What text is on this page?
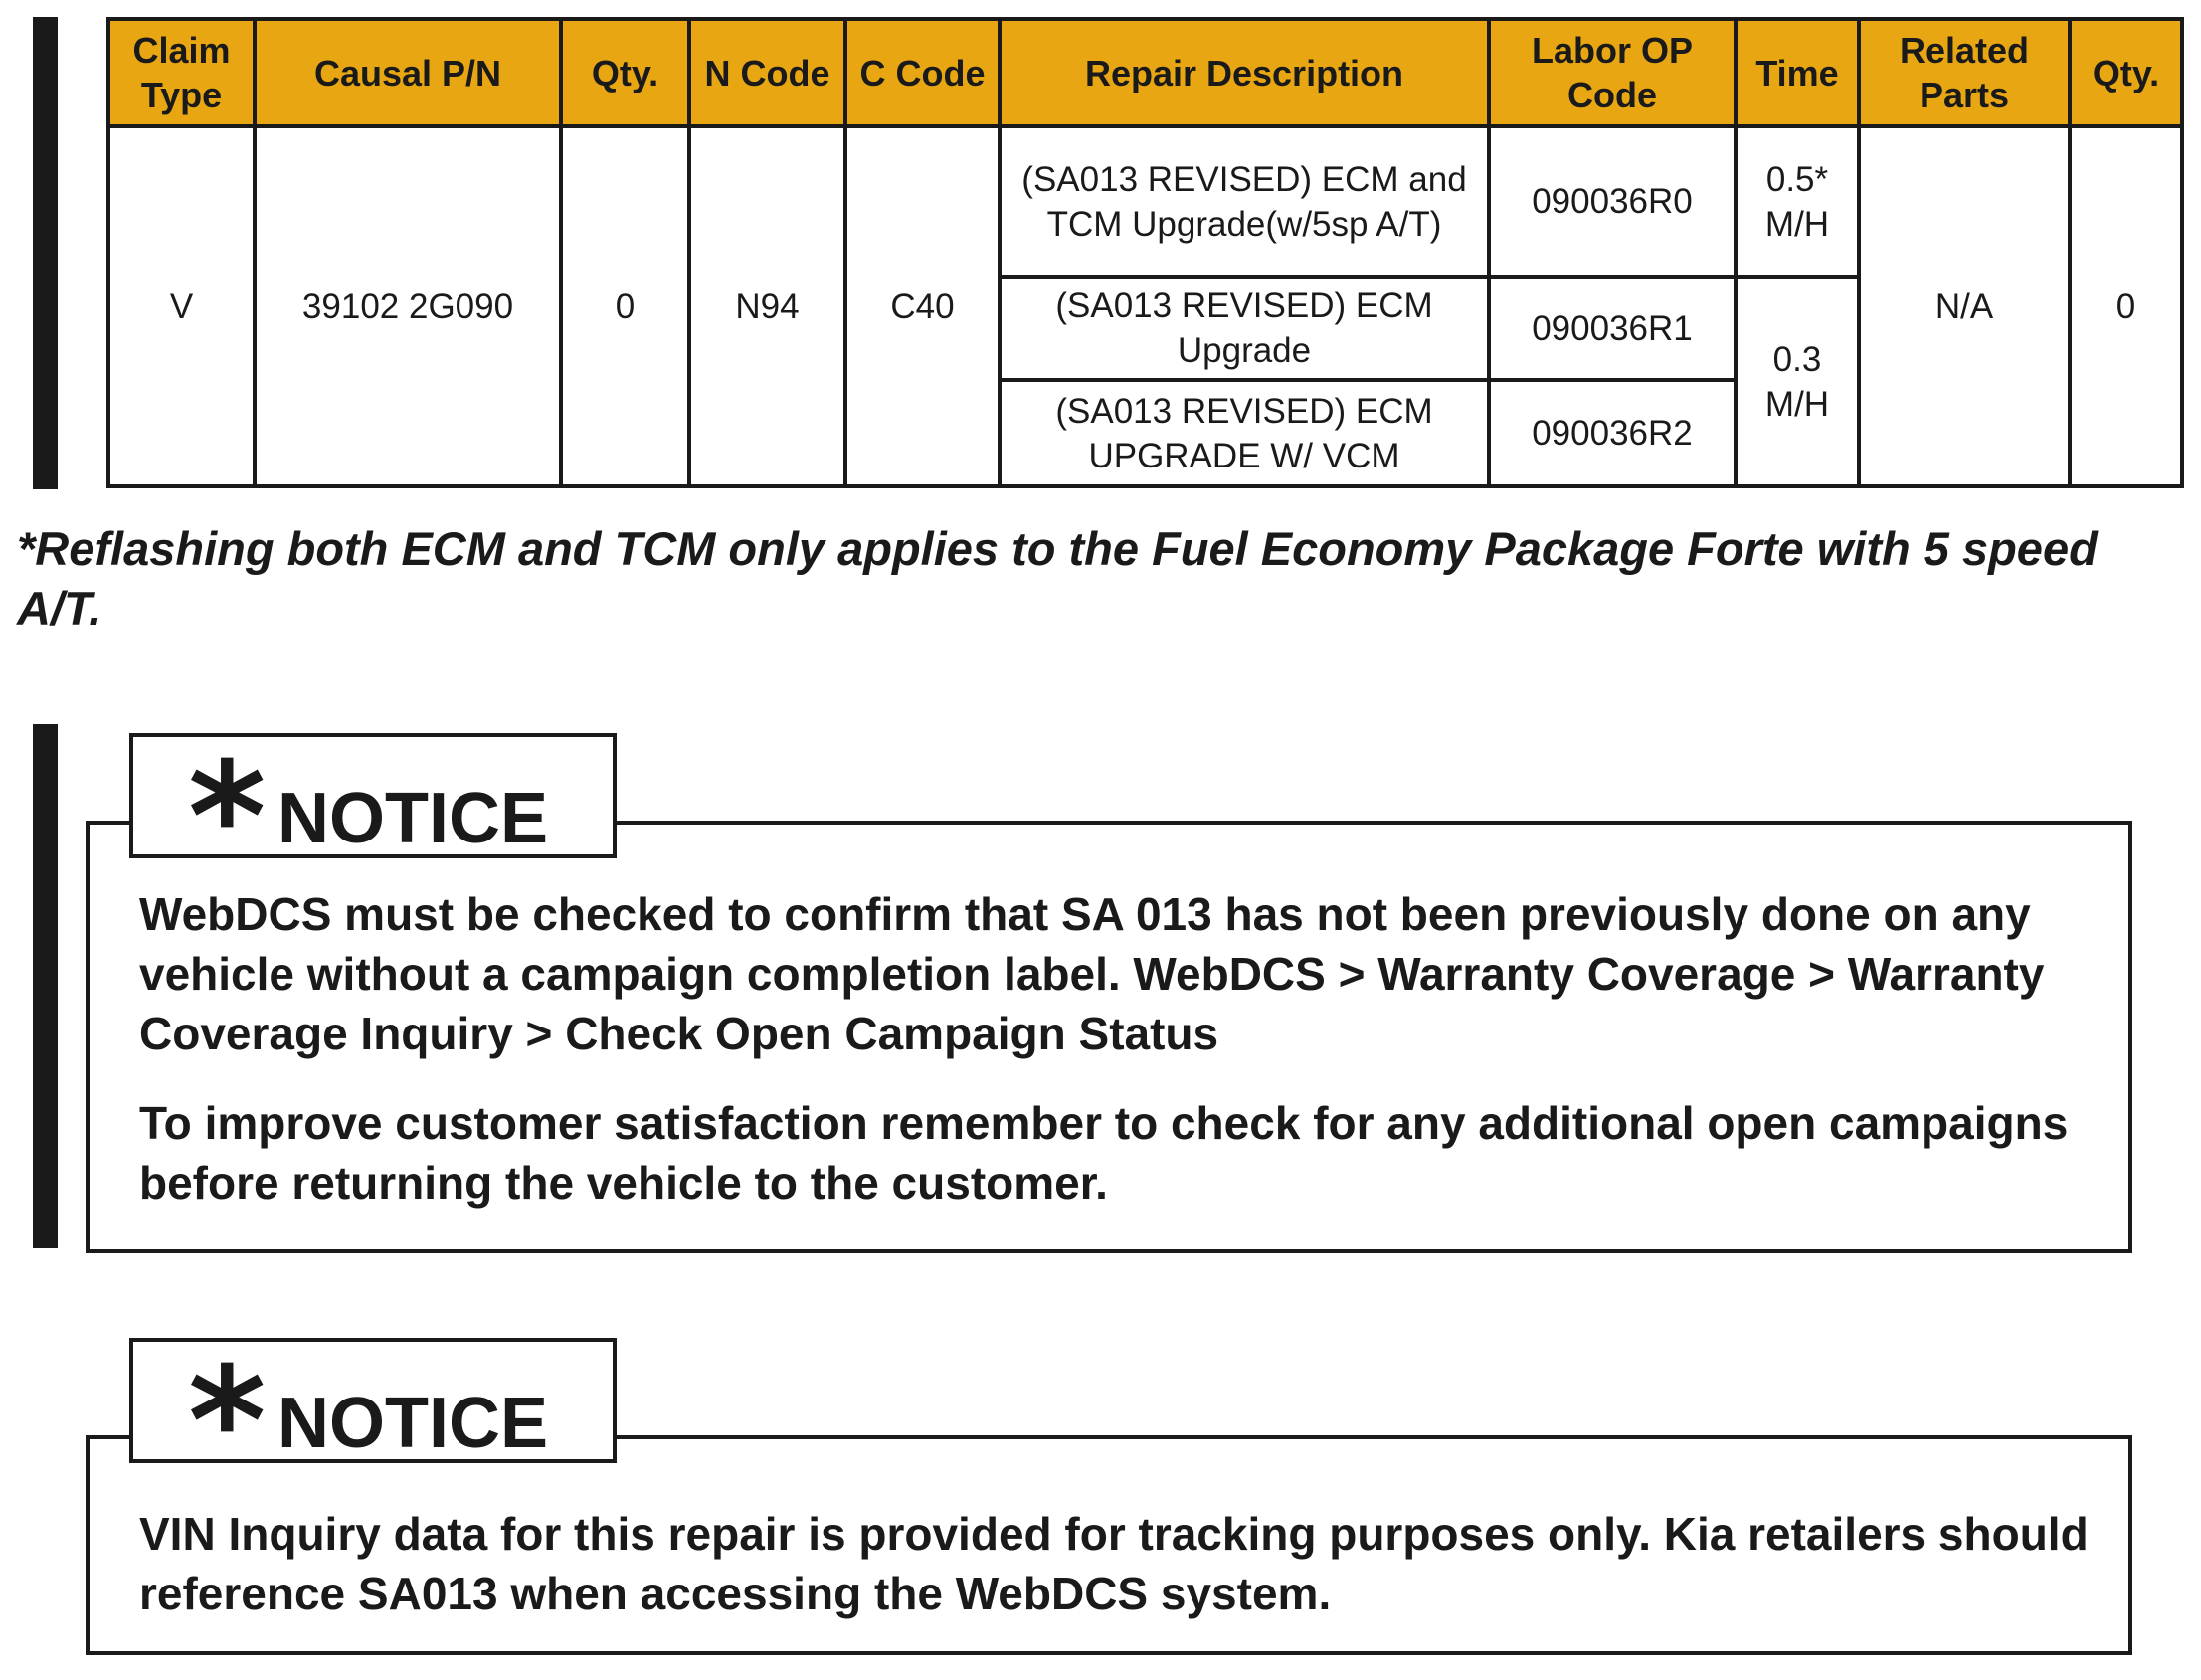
Claim Type	Causal P/N	Qty.	N Code	C Code	Repair Description	Labor OP Code	Time	Related Parts	Qty.
V	39102 2G090	0	N94	C40	(SA013 REVISED) ECM and TCM Upgrade(w/5sp A/T)	090036R0	0.5* M/H	N/A	0
					(SA013 REVISED) ECM Upgrade	090036R1	0.3 M/H		
					(SA013 REVISED) ECM UPGRADE W/ VCM	090036R2			
*Reflashing both ECM and TCM only applies to the Fuel Economy Package Forte with 5 speed A/T.
WebDCS must be checked to confirm that SA 013 has not been previously done on any vehicle without a campaign completion label. WebDCS > Warranty Coverage > Warranty Coverage Inquiry > Check Open Campaign Status
To improve customer satisfaction remember to check for any additional open campaigns before returning the vehicle to the customer.
* NOTICE
VIN Inquiry data for this repair is provided for tracking purposes only. Kia retailers should reference SA013 when accessing the WebDCS system.
* NOTICE
